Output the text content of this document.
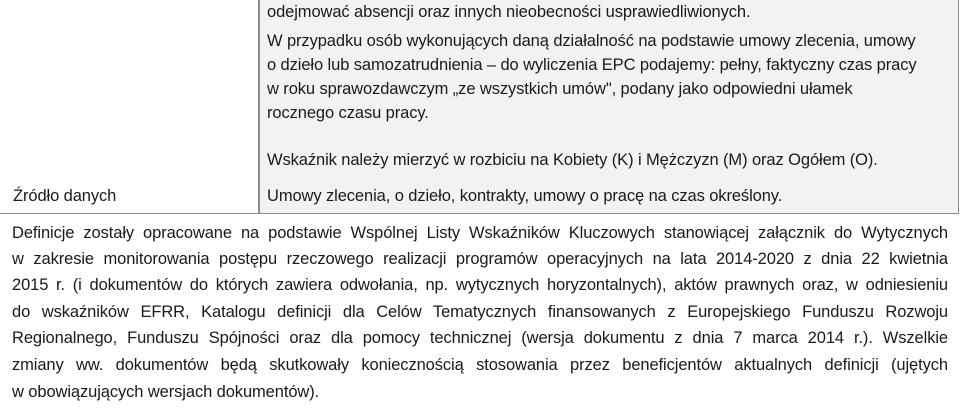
Źródło danych
odejmować absencji oraz innych nieobecności usprawiedliwionych.
W przypadku osób wykonujących daną działalność na podstawie umowy zlecenia, umowy
o dzieło lub samozatrudnienia – do wyliczenia EPC podajemy: pełny, faktyczny czas pracy
w roku sprawozdawczym „ze wszystkich umów", podany jako odpowiedni ułamek
rocznego czasu pracy.
Wskaźnik należy mierzyć w rozbiciu na Kobiety (K) i Mężczyzn (M) oraz Ogółem (O).
Umowy zlecenia, o dzieło, kontrakty, umowy o pracę na czas określony.
Definicje zostały opracowane na podstawie Wspólnej Listy Wskaźników Kluczowych stanowiącej załącznik do Wytycznych
w zakresie monitorowania postępu rzeczowego realizacji programów operacyjnych na lata 2014-2020 z dnia 22 kwietnia
2015 r. (i dokumentów do których zawiera odwołania, np. wytycznych horyzontalnych), aktów prawnych oraz, w odniesieniu
do wskaźników EFRR, Katalogu definicji dla Celów Tematycznych finansowanych z Europejskiego Funduszu Rozwoju
Regionalnego, Funduszu Spójności oraz dla pomocy technicznej (wersja dokumentu z dnia 7 marca 2014 r.). Wszelkie
zmiany ww. dokumentów będą skutkowały koniecznością stosowania przez beneficjentów aktualnych definicji (ujętych
w obowiązujących wersjach dokumentów).
